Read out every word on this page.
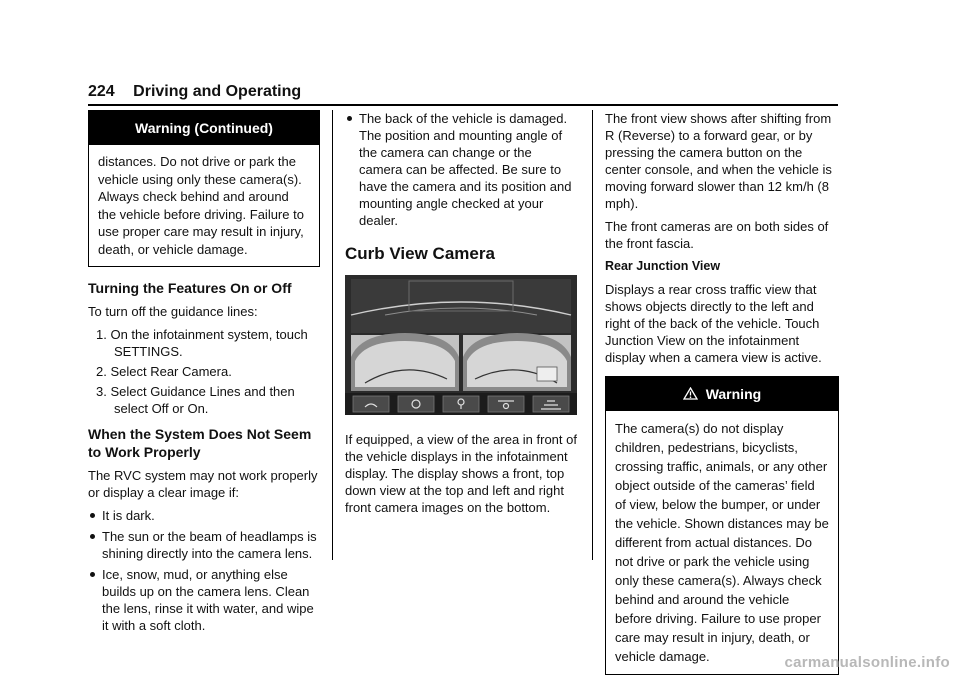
224 Driving and Operating
Warning (Continued)
distances. Do not drive or park the vehicle using only these camera(s). Always check behind and around the vehicle before driving. Failure to use proper care may result in injury, death, or vehicle damage.
Turning the Features On or Off

To turn off the guidance lines:

1. On the infotainment system, touch SETTINGS.
2. Select Rear Camera.
3. Select Guidance Lines and then select Off or On.
When the System Does Not Seem to Work Properly

The RVC system may not work properly or display a clear image if:

It is dark.
The sun or the beam of headlamps is shining directly into the camera lens.
Ice, snow, mud, or anything else builds up on the camera lens. Clean the lens, rinse it with water, and wipe it with a soft cloth.
The back of the vehicle is damaged. The position and mounting angle of the camera can change or the camera can be affected. Be sure to have the camera and its position and mounting angle checked at your dealer.
Curb View Camera

If equipped, a view of the area in front of the vehicle displays in the infotainment display. The display shows a front, top down view at the top and left and right front camera images on the bottom.

The front view shows after shifting from R (Reverse) to a forward gear, or by pressing the camera button on the center console, and when the vehicle is moving forward slower than 12 km/h (8 mph).

The front cameras are on both sides of the front fascia.

Rear Junction View

Displays a rear cross traffic view that shows objects directly to the left and right of the back of the vehicle. Touch Junction View on the infotainment display when a camera view is active.

Warning
The camera(s) do not display children, pedestrians, bicyclists, crossing traffic, animals, or any other object outside of the cameras’ field of view, below the bumper, or under the vehicle. Shown distances may be different from actual distances. Do not drive or park the vehicle using only these camera(s). Always check behind and around the vehicle before driving. Failure to use proper care may result in injury, death, or vehicle damage.	carmanualsonline.info
